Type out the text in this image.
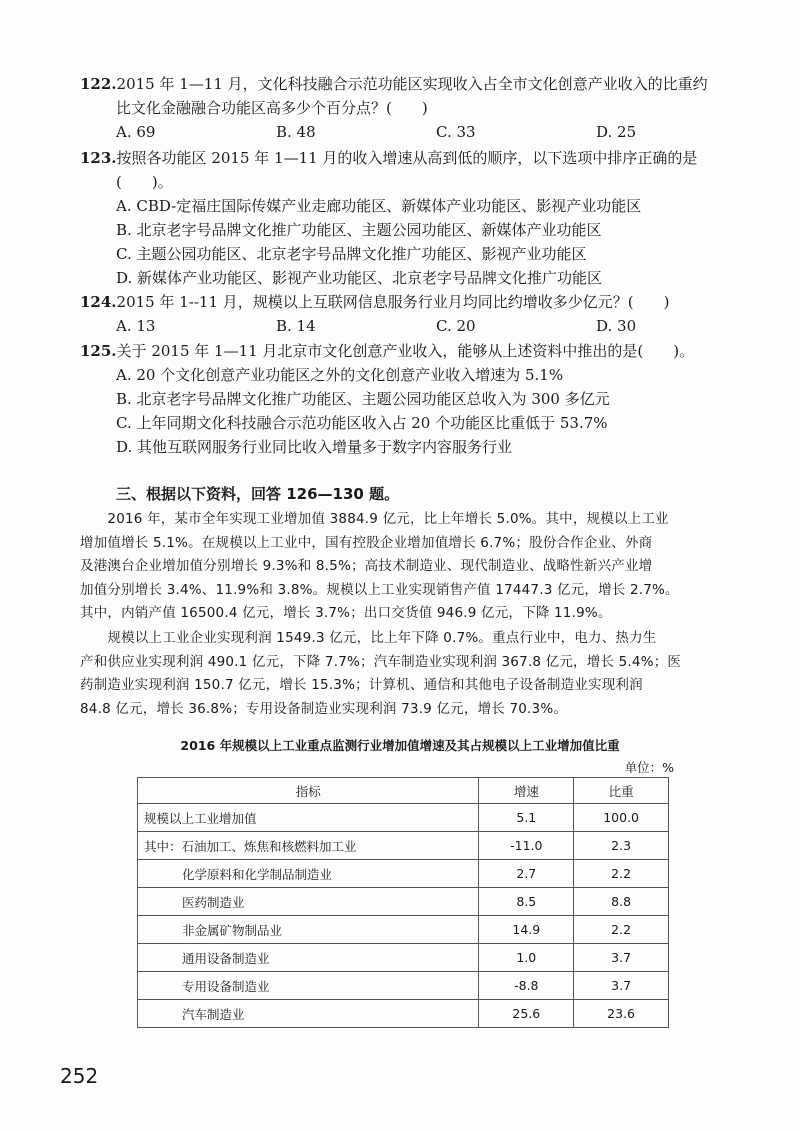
122.2015 年 1—11 月，文化科技融合示范功能区实现收入占全市文化创意产业收入的比重约
比文化金融融合功能区高多少个百分点？(　　)
A. 69	B. 48	C. 33	D. 25
123.按照各功能区 2015 年 1—11 月的收入增速从高到低的顺序，以下选项中排序正确的是
(　　)。
A. CBD-定福庄国际传媒产业走廊功能区、新媒体产业功能区、影视产业功能区
B. 北京老字号品牌文化推广功能区、主题公园功能区、新媒体产业功能区
C. 主题公园功能区、北京老字号品牌文化推广功能区、影视产业功能区
D. 新媒体产业功能区、影视产业功能区、北京老字号品牌文化推广功能区
124.2015 年 1--11 月，规模以上互联网信息服务行业月均同比约增收多少亿元？(　　)
A. 13	B. 14	C. 20	D. 30
125.关于 2015 年 1—11 月北京市文化创意产业收入，能够从上述资料中推出的是(　　)。
A. 20 个文化创意产业功能区之外的文化创意产业收入增速为 5.1%
B. 北京老字号品牌文化推广功能区、主题公园功能区总收入为 300 多亿元
C. 上年同期文化科技融合示范功能区收入占 20 个功能区比重低于 53.7%
D. 其他互联网服务行业同比收入增量多于数字内容服务行业
三、根据以下资料，回答 126—130 题。
　　2016 年，某市全年实现工业增加值 3884.9 亿元，比上年增长 5.0%。其中，规模以上工业
增加值增长 5.1%。在规模以上工业中，国有控股企业增加值增长 6.7%；股份合作企业、外商
及港澳台企业增加值分别增长 9.3%和 8.5%；高技术制造业、现代制造业、战略性新兴产业增
加值分别增长 3.4%、11.9%和 3.8%。规模以上工业实现销售产值 17447.3 亿元，增长 2.7%。
其中，内销产值 16500.4 亿元，增长 3.7%；出口交货值 946.9 亿元，下降 11.9%。
　　规模以上工业企业实现利润 1549.3 亿元，比上年下降 0.7%。重点行业中，电力、热力生
产和供应业实现利润 490.1 亿元，下降 7.7%；汽车制造业实现利润 367.8 亿元，增长 5.4%；医
药制造业实现利润 150.7 亿元，增长 15.3%；计算机、通信和其他电子设备制造业实现利润
84.8 亿元，增长 36.8%；专用设备制造业实现利润 73.9 亿元，增长 70.3%。
2016 年规模以上工业重点监测行业增加值增速及其占规模以上工业增加值比重
单位：%
指标	增速	比重
规模以上工业增加值	5.1	100.0
其中：石油加工、炼焦和核燃料加工业	-11.0	2.3
化学原料和化学制品制造业	2.7	2.2
医药制造业	8.5	8.8
非金属矿物制品业	14.9	2.2
通用设备制造业	1.0	3.7
专用设备制造业	-8.8	3.7
汽车制造业	25.6	23.6
252
